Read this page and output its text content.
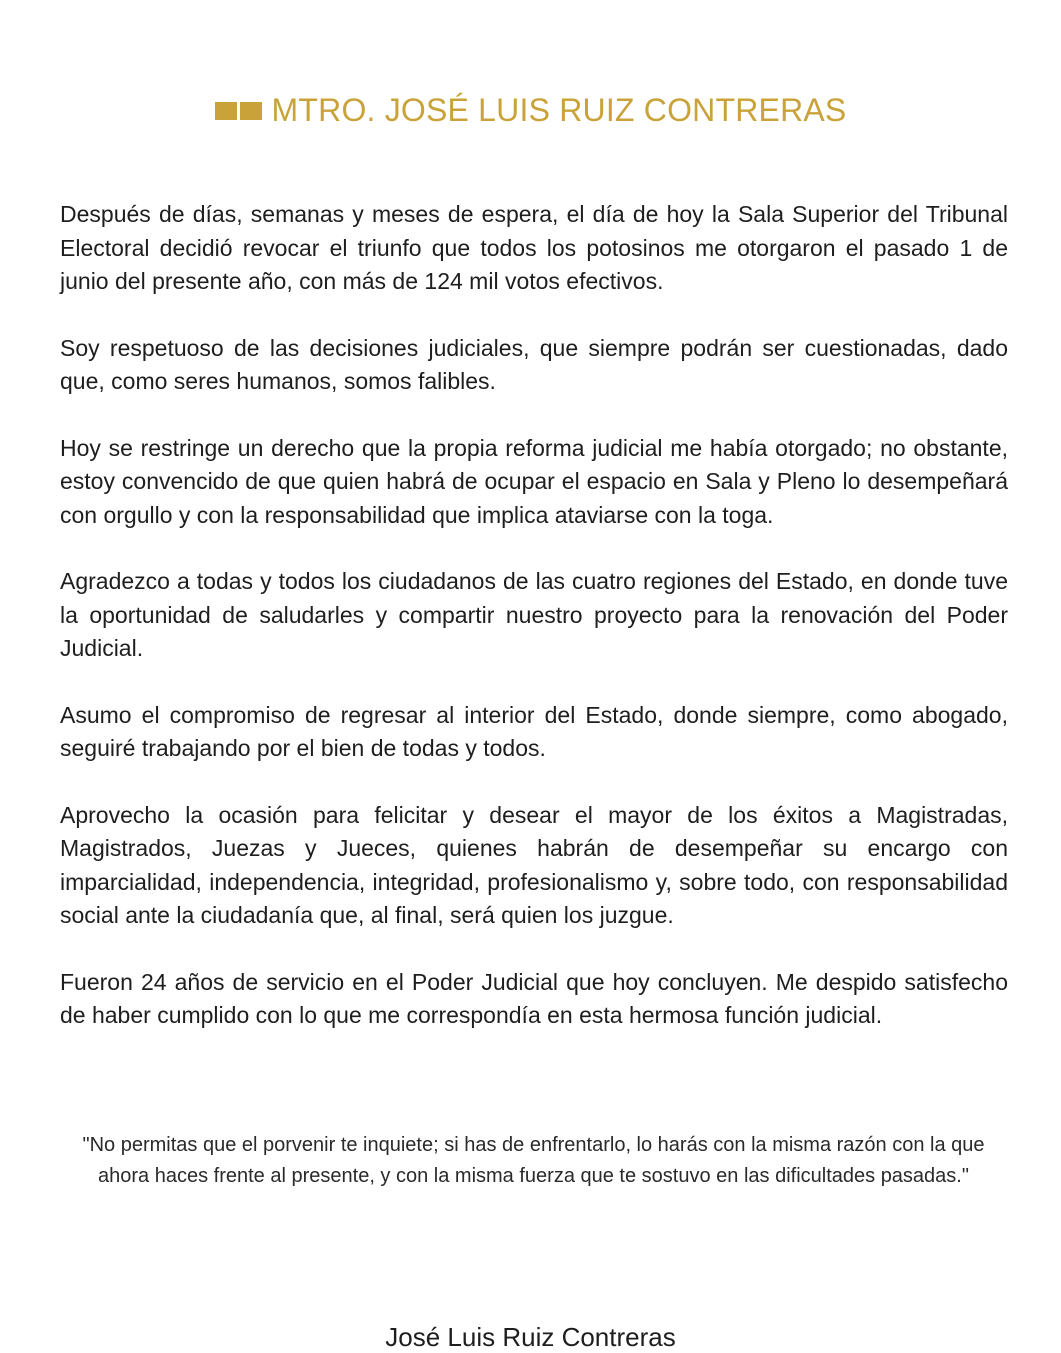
MTRO. JOSÉ LUIS RUIZ CONTRERAS

Después de días, semanas y meses de espera, el día de hoy la Sala Superior del Tribunal Electoral decidió revocar el triunfo que todos los potosinos me otorgaron el pasado 1 de junio del presente año, con más de 124 mil votos efectivos.

Soy respetuoso de las decisiones judiciales, que siempre podrán ser cuestionadas, dado que, como seres humanos, somos falibles.

Hoy se restringe un derecho que la propia reforma judicial me había otorgado; no obstante, estoy convencido de que quien habrá de ocupar el espacio en Sala y Pleno lo desempeñará con orgullo y con la responsabilidad que implica ataviarse con la toga.

Agradezco a todas y todos los ciudadanos de las cuatro regiones del Estado, en donde tuve la oportunidad de saludarles y compartir nuestro proyecto para la renovación del Poder Judicial.

Asumo el compromiso de regresar al interior del Estado, donde siempre, como abogado, seguiré trabajando por el bien de todas y todos.

Aprovecho la ocasión para felicitar y desear el mayor de los éxitos a Magistradas, Magistrados, Juezas y Jueces, quienes habrán de desempeñar su encargo con imparcialidad, independencia, integridad, profesionalismo y, sobre todo, con responsabilidad social ante la ciudadanía que, al final, será quien los juzgue.

Fueron 24 años de servicio en el Poder Judicial que hoy concluyen. Me despido satisfecho de haber cumplido con lo que me correspondía en esta hermosa función judicial.

"No permitas que el porvenir te inquiete; si has de enfrentarlo, lo harás con la misma razón con la que ahora haces frente al presente, y con la misma fuerza que te sostuvo en las dificultades pasadas."
José Luis Ruiz Contreras
